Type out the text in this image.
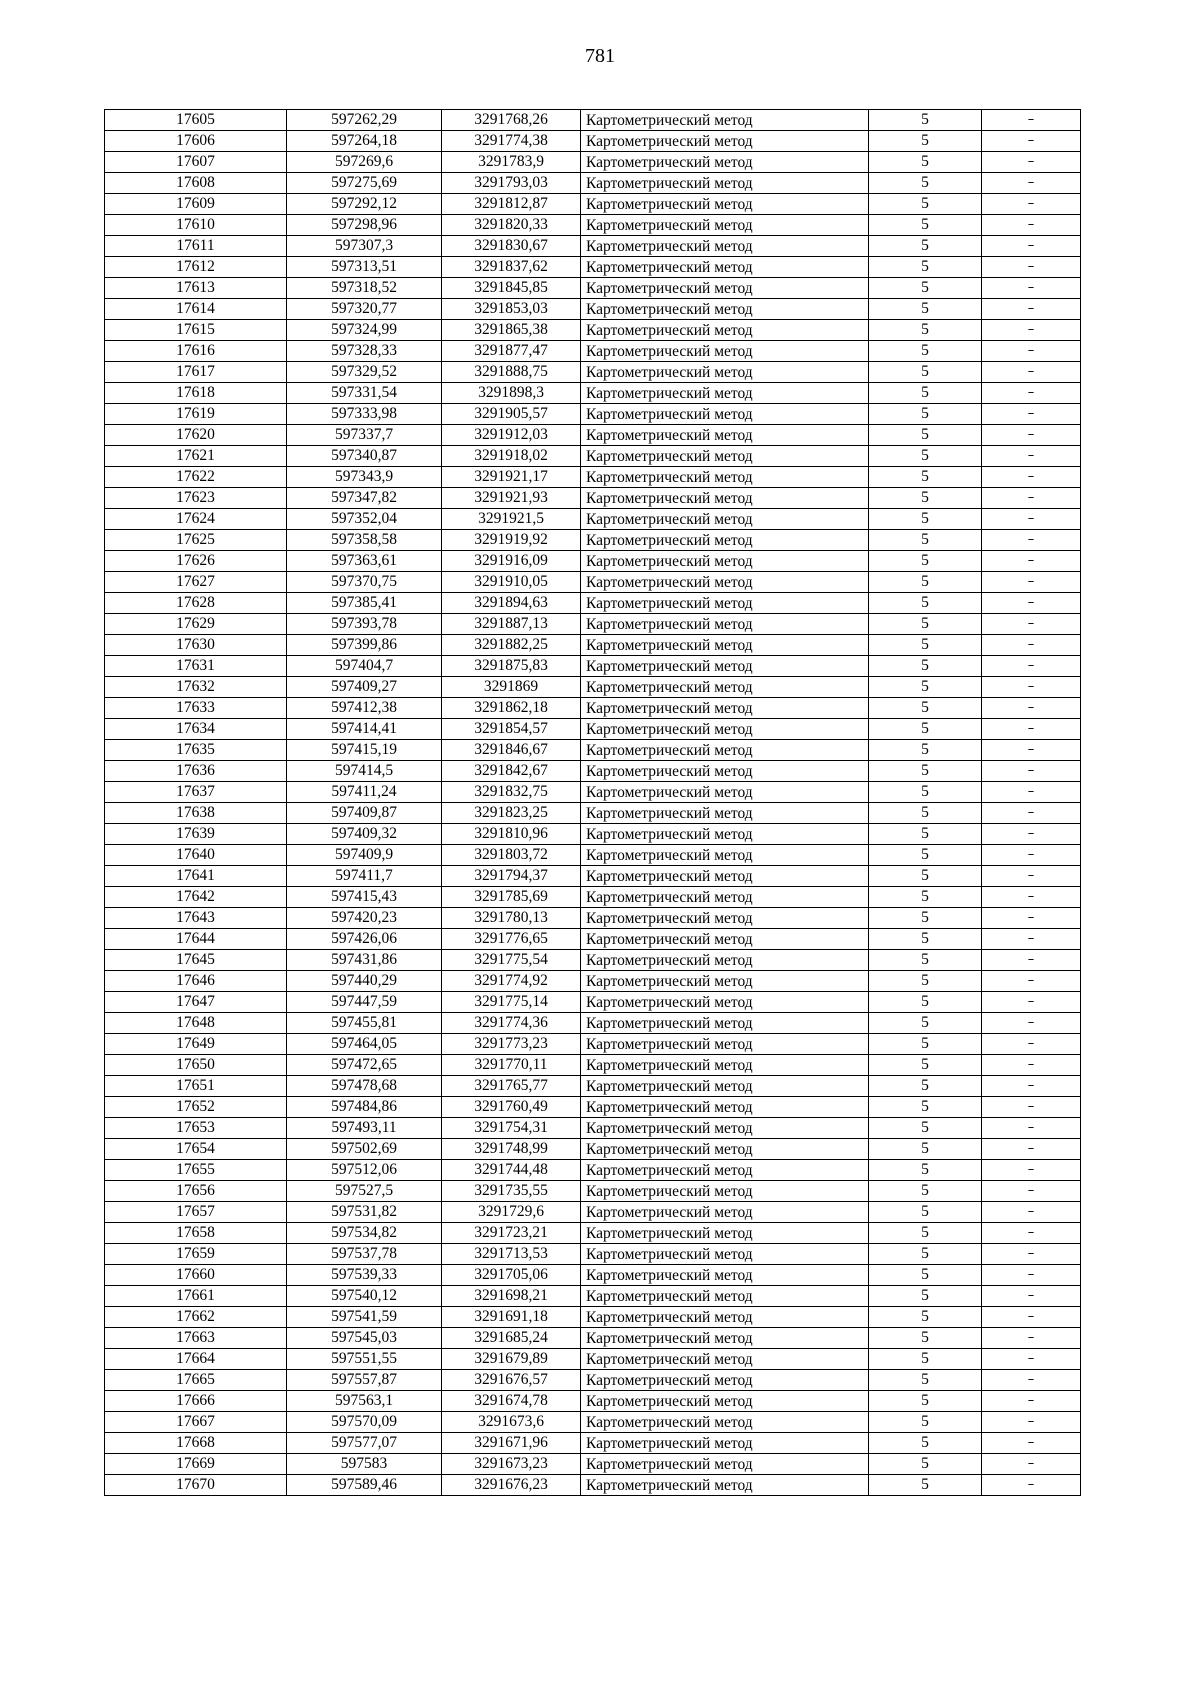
781
17605	597262,29	3291768,26	Картометрический метод	5	–
17606	597264,18	3291774,38	Картометрический метод	5	–
17607	597269,6	3291783,9	Картометрический метод	5	–
17608	597275,69	3291793,03	Картометрический метод	5	–
17609	597292,12	3291812,87	Картометрический метод	5	–
17610	597298,96	3291820,33	Картометрический метод	5	–
17611	597307,3	3291830,67	Картометрический метод	5	–
17612	597313,51	3291837,62	Картометрический метод	5	–
17613	597318,52	3291845,85	Картометрический метод	5	–
17614	597320,77	3291853,03	Картометрический метод	5	–
17615	597324,99	3291865,38	Картометрический метод	5	–
17616	597328,33	3291877,47	Картометрический метод	5	–
17617	597329,52	3291888,75	Картометрический метод	5	–
17618	597331,54	3291898,3	Картометрический метод	5	–
17619	597333,98	3291905,57	Картометрический метод	5	–
17620	597337,7	3291912,03	Картометрический метод	5	–
17621	597340,87	3291918,02	Картометрический метод	5	–
17622	597343,9	3291921,17	Картометрический метод	5	–
17623	597347,82	3291921,93	Картометрический метод	5	–
17624	597352,04	3291921,5	Картометрический метод	5	–
17625	597358,58	3291919,92	Картометрический метод	5	–
17626	597363,61	3291916,09	Картометрический метод	5	–
17627	597370,75	3291910,05	Картометрический метод	5	–
17628	597385,41	3291894,63	Картометрический метод	5	–
17629	597393,78	3291887,13	Картометрический метод	5	–
17630	597399,86	3291882,25	Картометрический метод	5	–
17631	597404,7	3291875,83	Картометрический метод	5	–
17632	597409,27	3291869	Картометрический метод	5	–
17633	597412,38	3291862,18	Картометрический метод	5	–
17634	597414,41	3291854,57	Картометрический метод	5	–
17635	597415,19	3291846,67	Картометрический метод	5	–
17636	597414,5	3291842,67	Картометрический метод	5	–
17637	597411,24	3291832,75	Картометрический метод	5	–
17638	597409,87	3291823,25	Картометрический метод	5	–
17639	597409,32	3291810,96	Картометрический метод	5	–
17640	597409,9	3291803,72	Картометрический метод	5	–
17641	597411,7	3291794,37	Картометрический метод	5	–
17642	597415,43	3291785,69	Картометрический метод	5	–
17643	597420,23	3291780,13	Картометрический метод	5	–
17644	597426,06	3291776,65	Картометрический метод	5	–
17645	597431,86	3291775,54	Картометрический метод	5	–
17646	597440,29	3291774,92	Картометрический метод	5	–
17647	597447,59	3291775,14	Картометрический метод	5	–
17648	597455,81	3291774,36	Картометрический метод	5	–
17649	597464,05	3291773,23	Картометрический метод	5	–
17650	597472,65	3291770,11	Картометрический метод	5	–
17651	597478,68	3291765,77	Картометрический метод	5	–
17652	597484,86	3291760,49	Картометрический метод	5	–
17653	597493,11	3291754,31	Картометрический метод	5	–
17654	597502,69	3291748,99	Картометрический метод	5	–
17655	597512,06	3291744,48	Картометрический метод	5	–
17656	597527,5	3291735,55	Картометрический метод	5	–
17657	597531,82	3291729,6	Картометрический метод	5	–
17658	597534,82	3291723,21	Картометрический метод	5	–
17659	597537,78	3291713,53	Картометрический метод	5	–
17660	597539,33	3291705,06	Картометрический метод	5	–
17661	597540,12	3291698,21	Картометрический метод	5	–
17662	597541,59	3291691,18	Картометрический метод	5	–
17663	597545,03	3291685,24	Картометрический метод	5	–
17664	597551,55	3291679,89	Картометрический метод	5	–
17665	597557,87	3291676,57	Картометрический метод	5	–
17666	597563,1	3291674,78	Картометрический метод	5	–
17667	597570,09	3291673,6	Картометрический метод	5	–
17668	597577,07	3291671,96	Картометрический метод	5	–
17669	597583	3291673,23	Картометрический метод	5	–
17670	597589,46	3291676,23	Картометрический метод	5	–
